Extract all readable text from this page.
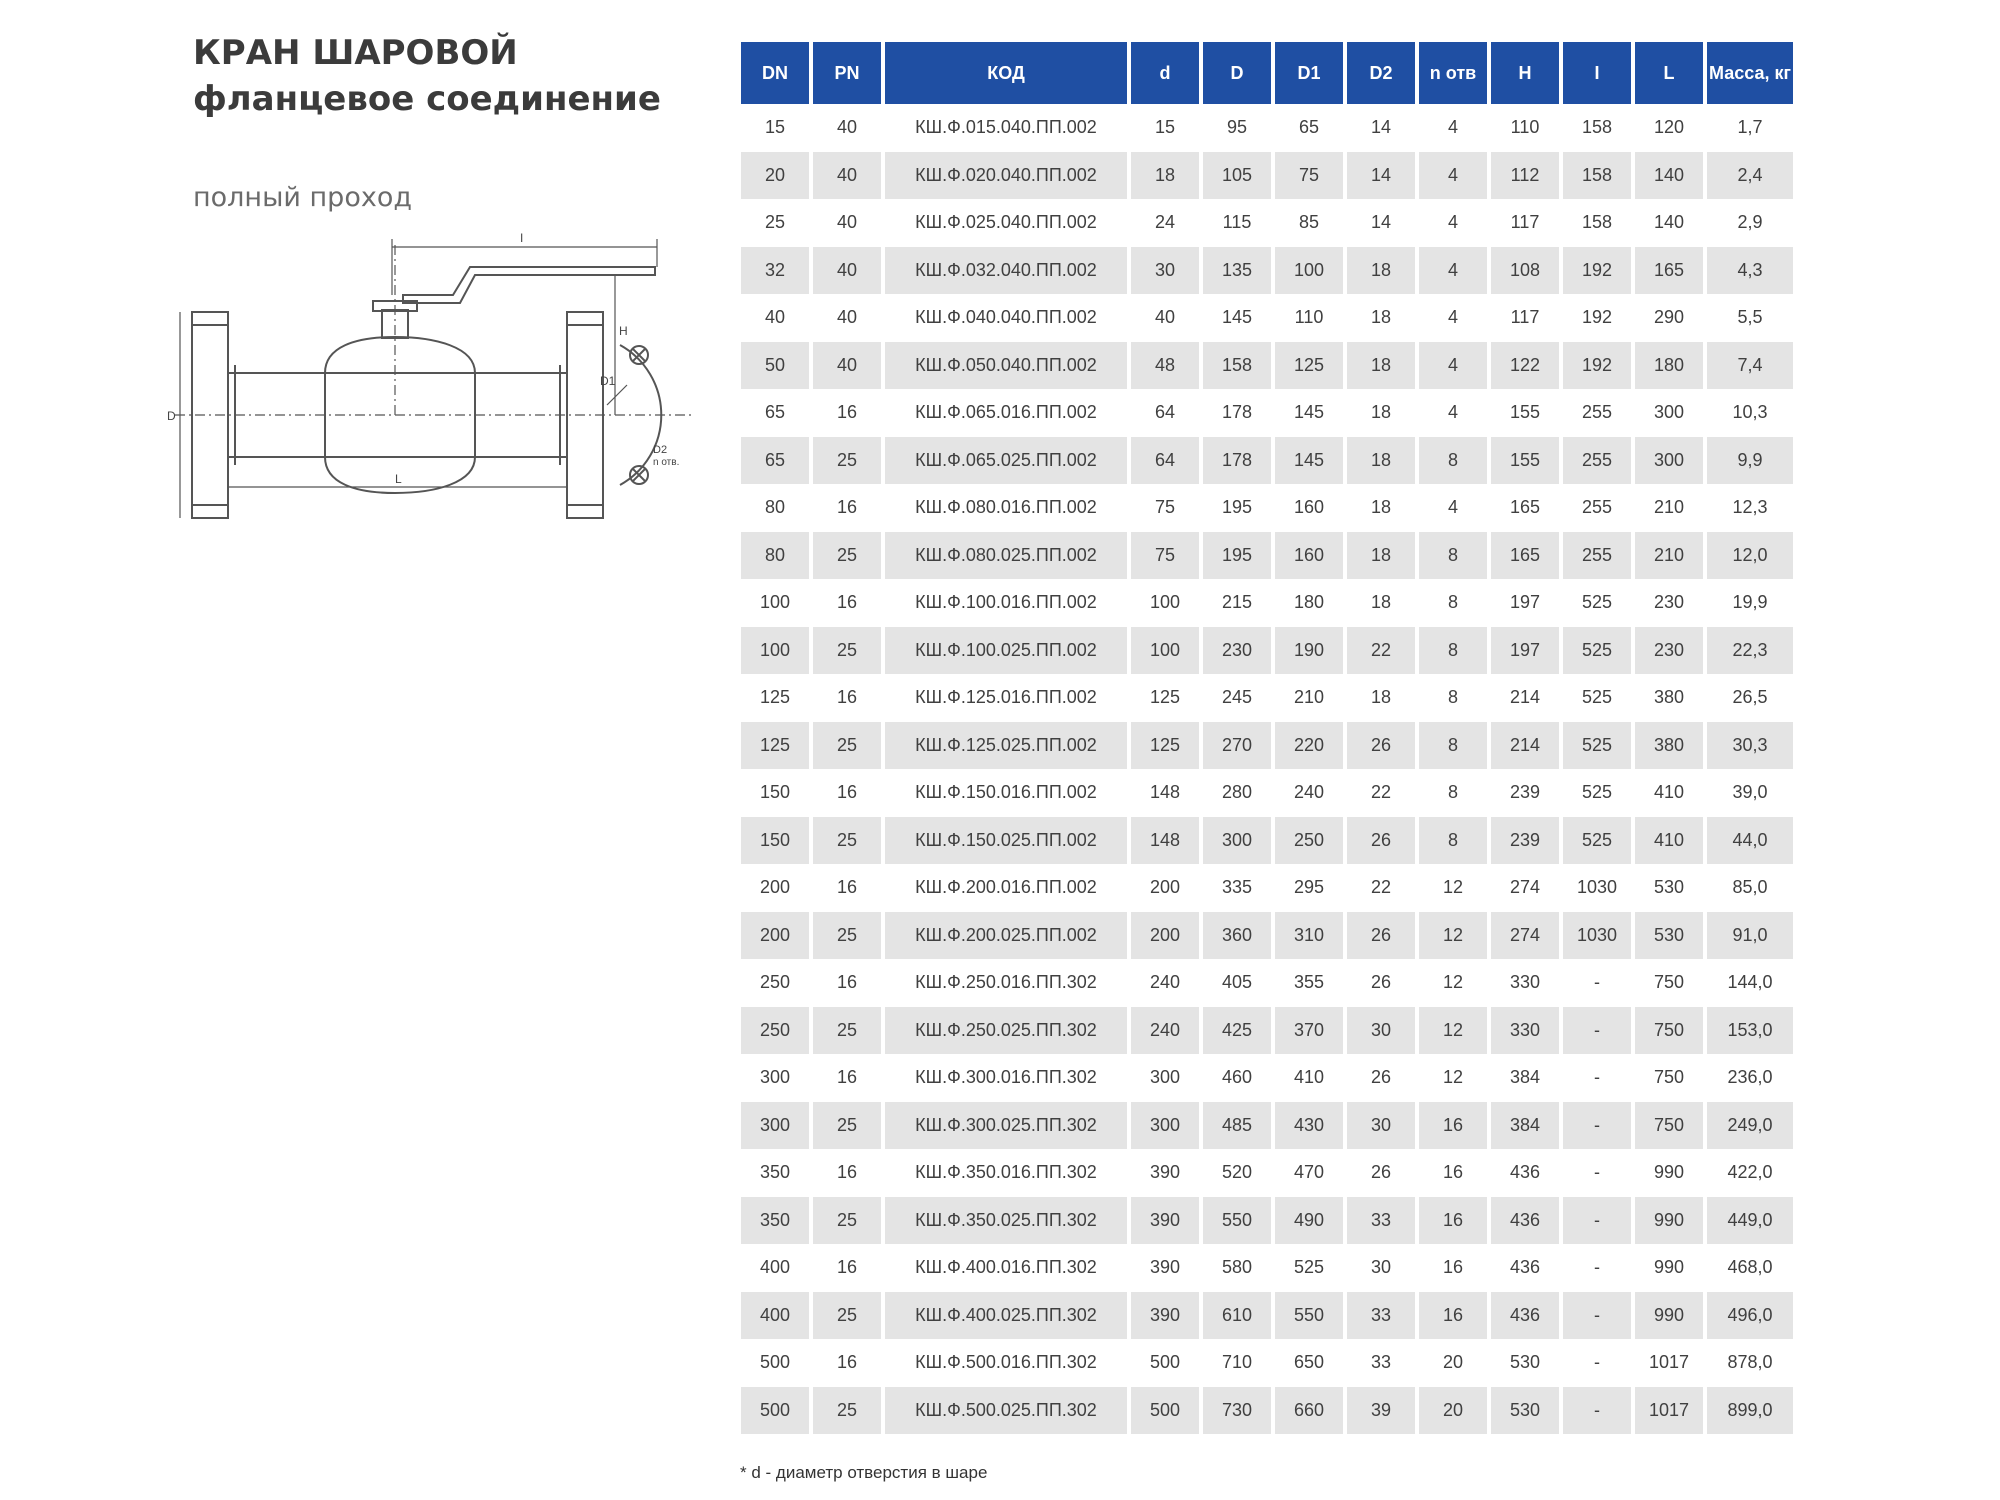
КРАН ШАРОВОЙ
фланцевое соединение
полный проход
I
H
D1
D
L
D2
n отв.
DN	PN	КОД	d	D	D1	D2	n отв	H	I	L	Масса, кг
15	40	КШ.Ф.015.040.ПП.002	15	95	65	14	4	110	158	120	1,7
20	40	КШ.Ф.020.040.ПП.002	18	105	75	14	4	112	158	140	2,4
25	40	КШ.Ф.025.040.ПП.002	24	115	85	14	4	117	158	140	2,9
32	40	КШ.Ф.032.040.ПП.002	30	135	100	18	4	108	192	165	4,3
40	40	КШ.Ф.040.040.ПП.002	40	145	110	18	4	117	192	290	5,5
50	40	КШ.Ф.050.040.ПП.002	48	158	125	18	4	122	192	180	7,4
65	16	КШ.Ф.065.016.ПП.002	64	178	145	18	4	155	255	300	10,3
65	25	КШ.Ф.065.025.ПП.002	64	178	145	18	8	155	255	300	9,9
80	16	КШ.Ф.080.016.ПП.002	75	195	160	18	4	165	255	210	12,3
80	25	КШ.Ф.080.025.ПП.002	75	195	160	18	8	165	255	210	12,0
100	16	КШ.Ф.100.016.ПП.002	100	215	180	18	8	197	525	230	19,9
100	25	КШ.Ф.100.025.ПП.002	100	230	190	22	8	197	525	230	22,3
125	16	КШ.Ф.125.016.ПП.002	125	245	210	18	8	214	525	380	26,5
125	25	КШ.Ф.125.025.ПП.002	125	270	220	26	8	214	525	380	30,3
150	16	КШ.Ф.150.016.ПП.002	148	280	240	22	8	239	525	410	39,0
150	25	КШ.Ф.150.025.ПП.002	148	300	250	26	8	239	525	410	44,0
200	16	КШ.Ф.200.016.ПП.002	200	335	295	22	12	274	1030	530	85,0
200	25	КШ.Ф.200.025.ПП.002	200	360	310	26	12	274	1030	530	91,0
250	16	КШ.Ф.250.016.ПП.302	240	405	355	26	12	330	-	750	144,0
250	25	КШ.Ф.250.025.ПП.302	240	425	370	30	12	330	-	750	153,0
300	16	КШ.Ф.300.016.ПП.302	300	460	410	26	12	384	-	750	236,0
300	25	КШ.Ф.300.025.ПП.302	300	485	430	30	16	384	-	750	249,0
350	16	КШ.Ф.350.016.ПП.302	390	520	470	26	16	436	-	990	422,0
350	25	КШ.Ф.350.025.ПП.302	390	550	490	33	16	436	-	990	449,0
400	16	КШ.Ф.400.016.ПП.302	390	580	525	30	16	436	-	990	468,0
400	25	КШ.Ф.400.025.ПП.302	390	610	550	33	16	436	-	990	496,0
500	16	КШ.Ф.500.016.ПП.302	500	710	650	33	20	530	-	1017	878,0
500	25	КШ.Ф.500.025.ПП.302	500	730	660	39	20	530	-	1017	899,0
* d - диаметр отверстия в шаре
